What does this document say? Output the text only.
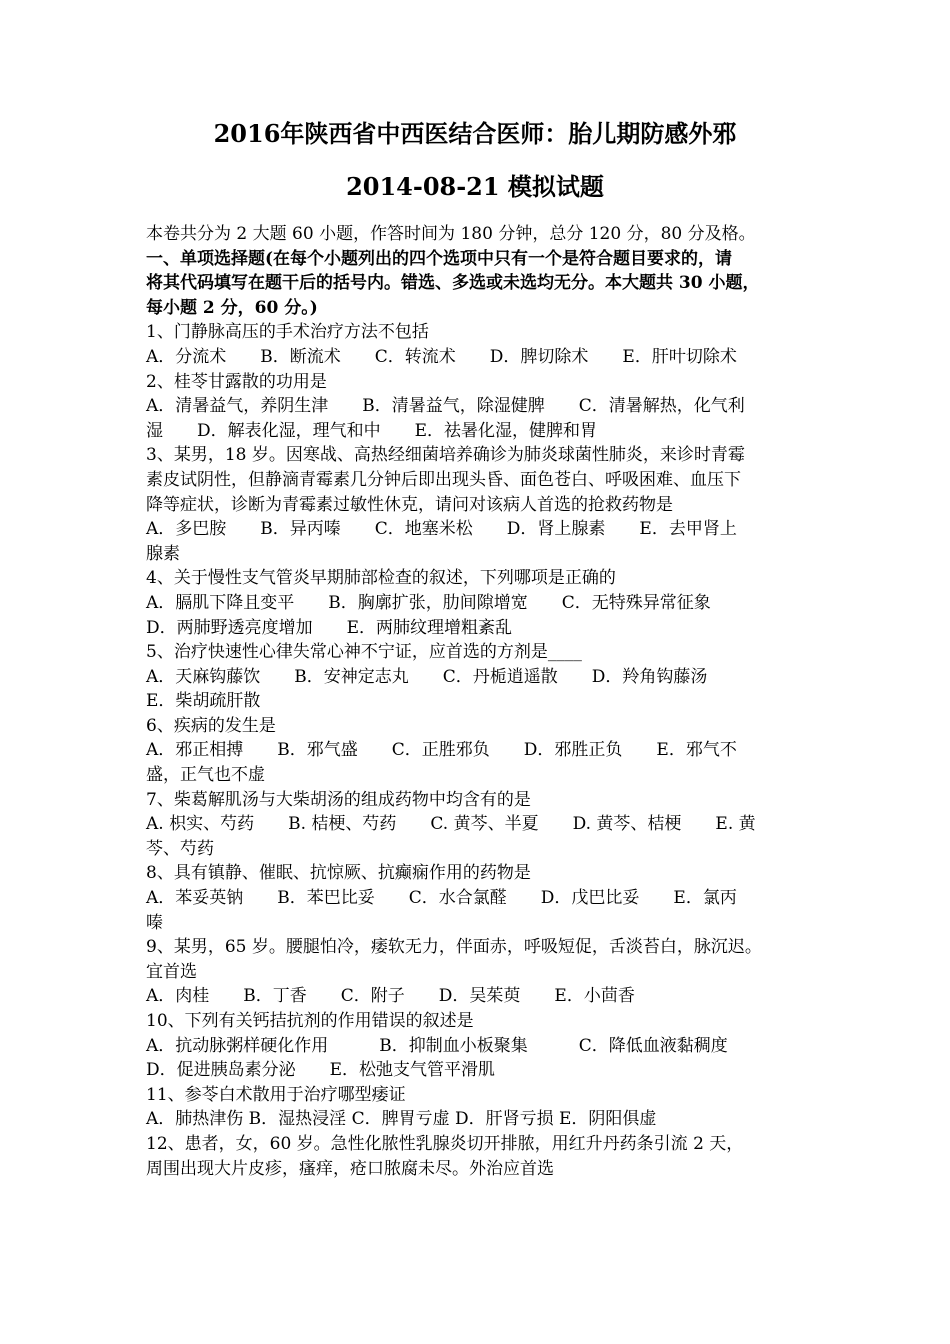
2016年陕西省中西医结合医师：胎儿期防感外邪
2014-08-21 模拟试题
本卷共分为 2 大题 60 小题，作答时间为 180 分钟，总分 120 分，80 分及格。
一、单项选择题(在每个小题列出的四个选项中只有一个是符合题目要求的，请
将其代码填写在题干后的括号内。错选、多选或未选均无分。本大题共 30 小题，
每小题 2 分，60 分。)
1、门静脉高压的手术治疗方法不包括
A．分流术　　B．断流术　　C．转流术　　D．脾切除术　　E．肝叶切除术
2、桂苓甘露散的功用是
A．清暑益气，养阴生津　　B．清暑益气，除湿健脾　　C．清暑解热，化气利
湿　　D．解表化湿，理气和中　　E．祛暑化湿，健脾和胃
3、某男，18 岁。因寒战、高热经细菌培养确诊为肺炎球菌性肺炎，来诊时青霉
素皮试阴性，但静滴青霉素几分钟后即出现头昏、面色苍白、呼吸困难、血压下
降等症状，诊断为青霉素过敏性休克，请问对该病人首选的抢救药物是
A．多巴胺　　B．异丙嗪　　C．地塞米松　　D．肾上腺素　　E．去甲肾上
腺素
4、关于慢性支气管炎早期肺部检查的叙述，下列哪项是正确的
A．膈肌下降且变平　　B．胸廓扩张，肋间隙增宽　　C．无特殊异常征象
D．两肺野透亮度增加　　E．两肺纹理增粗紊乱
5、治疗快速性心律失常心神不宁证，应首选的方剂是____
A．天麻钩藤饮　　B．安神定志丸　　C．丹栀逍遥散　　D．羚角钩藤汤
E．柴胡疏肝散
6、疾病的发生是
A．邪正相搏　　B．邪气盛　　C．正胜邪负　　D．邪胜正负　　E．邪气不
盛，正气也不虚
7、柴葛解肌汤与大柴胡汤的组成药物中均含有的是
A. 枳实、芍药　　B. 桔梗、芍药　　C. 黄芩、半夏　　D. 黄芩、桔梗　　E. 黄
芩、芍药
8、具有镇静、催眠、抗惊厥、抗癫痫作用的药物是
A．苯妥英钠　　B．苯巴比妥　　C．水合氯醛　　D．戊巴比妥　　E．氯丙
嗪
9、某男，65 岁。腰腿怕冷，痿软无力，伴面赤，呼吸短促，舌淡苔白，脉沉迟。
宜首选
A．肉桂　　B．丁香　　C．附子　　D．吴茱萸　　E．小茴香
10、下列有关钙拮抗剂的作用错误的叙述是
A．抗动脉粥样硬化作用　　　B．抑制血小板聚集　　　C．降低血液黏稠度
D．促进胰岛素分泌　　E．松弛支气管平滑肌
11、参苓白术散用于治疗哪型痿证
A．肺热津伤 B．湿热浸淫 C．脾胃亏虚 D．肝肾亏损 E．阴阳俱虚
12、患者，女，60 岁。急性化脓性乳腺炎切开排脓，用红升丹药条引流 2 天，
周围出现大片皮疹，瘙痒，疮口脓腐未尽。外治应首选
